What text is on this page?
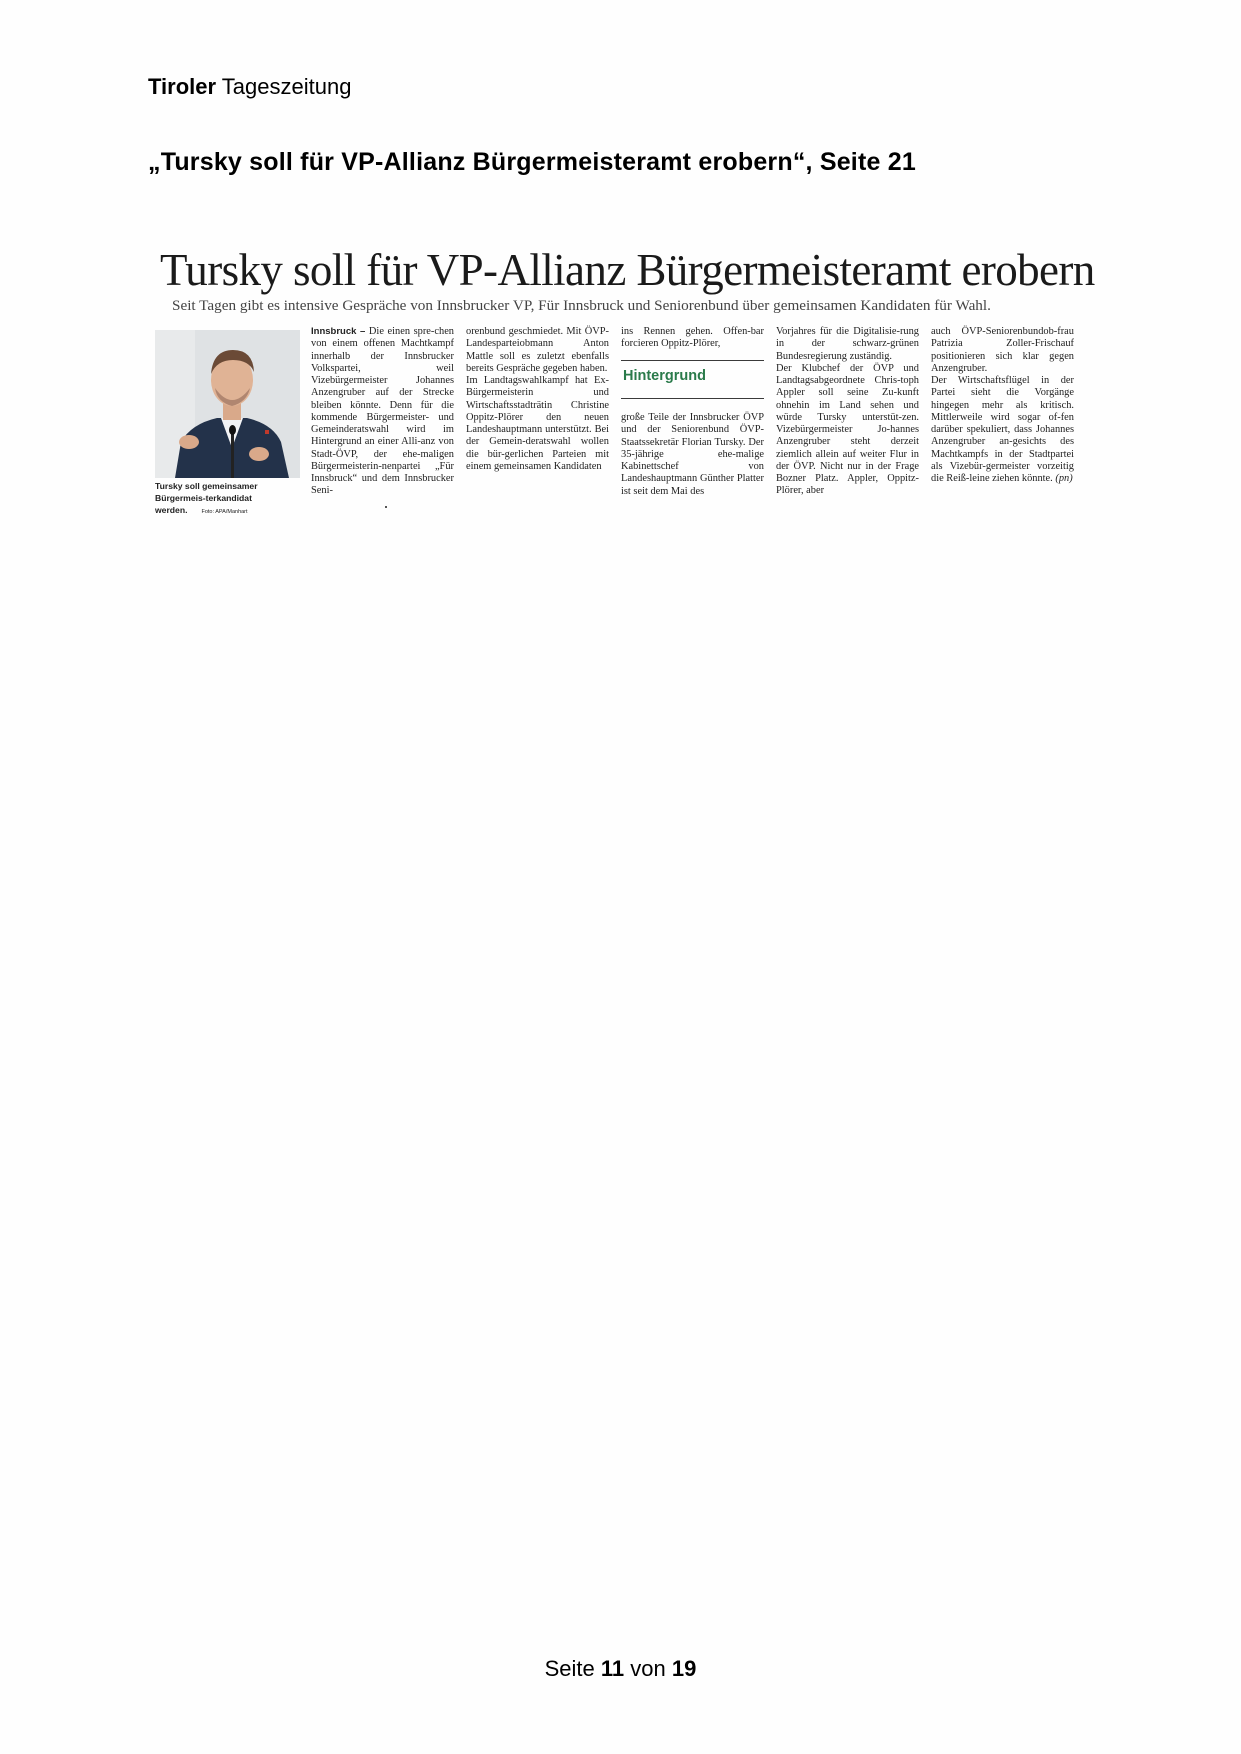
Tiroler Tageszeitung
„Tursky soll für VP-Allianz Bürgermeisteramt erobern“, Seite 21
Tursky soll für VP-Allianz Bürgermeisteramt erobern
Seit Tagen gibt es intensive Gespräche von Innsbrucker VP, Für Innsbruck und Seniorenbund über gemeinsamen Kandidaten für Wahl.
Tursky soll gemeinsamer Bürgermeis-terkandidat werden.	Foto: APA/Manhart
Innsbruck – Die einen spre-chen von einem offenen Machtkampf innerhalb der Innsbrucker Volkspartei, weil Vizebürgermeister Johannes Anzengruber auf der Strecke bleiben könnte. Denn für die kommende Bürgermeister- und Gemeinderatswahl wird im Hintergrund an einer Alli-anz von Stadt-ÖVP, der ehe-maligen Bürgermeisterin-nenpartei „Für Innsbruck“ und dem Innsbrucker Seni-
orenbund geschmiedet. Mit ÖVP-Landesparteiobmann Anton Mattle soll es zuletzt ebenfalls bereits Gespräche gegeben haben.
Im Landtagswahlkampf hat Ex-Bürgermeisterin und Wirtschaftsstadträtin Christine Oppitz-Plörer den neuen Landeshauptmann unterstützt. Bei der Gemein-deratswahl wollen die bür-gerlichen Parteien mit einem gemeinsamen Kandidaten
ins Rennen gehen. Offen-bar forcieren Oppitz-Plörer,
Hintergrund
große Teile der Innsbrucker ÖVP und der Seniorenbund ÖVP-Staatssekretär Florian Tursky. Der 35-jährige ehe-malige Kabinettschef von Landeshauptmann Günther Platter ist seit dem Mai des
Vorjahres für die Digitalisie-rung in der schwarz-grünen Bundesregierung zuständig.
Der Klubchef der ÖVP und Landtagsabgeordnete Chris-toph Appler soll seine Zu-kunft ohnehin im Land sehen und würde Tursky unterstüt-zen. Vizebürgermeister Jo-hannes Anzengruber steht derzeit ziemlich allein auf weiter Flur in der ÖVP. Nicht nur in der Frage Bozner Platz. Appler, Oppitz-Plörer, aber
auch ÖVP-Seniorenbundob-frau Patrizia Zoller-Frischauf positionieren sich klar gegen Anzengruber.
Der Wirtschaftsflügel in der Partei sieht die Vorgänge hingegen mehr als kritisch. Mittlerweile wird sogar of-fen darüber spekuliert, dass Johannes Anzengruber an-gesichts des Machtkampfs in der Stadtpartei als Vizebür-germeister vorzeitig die Reiß-leine ziehen könnte. (pn)
Seite 11 von 19
